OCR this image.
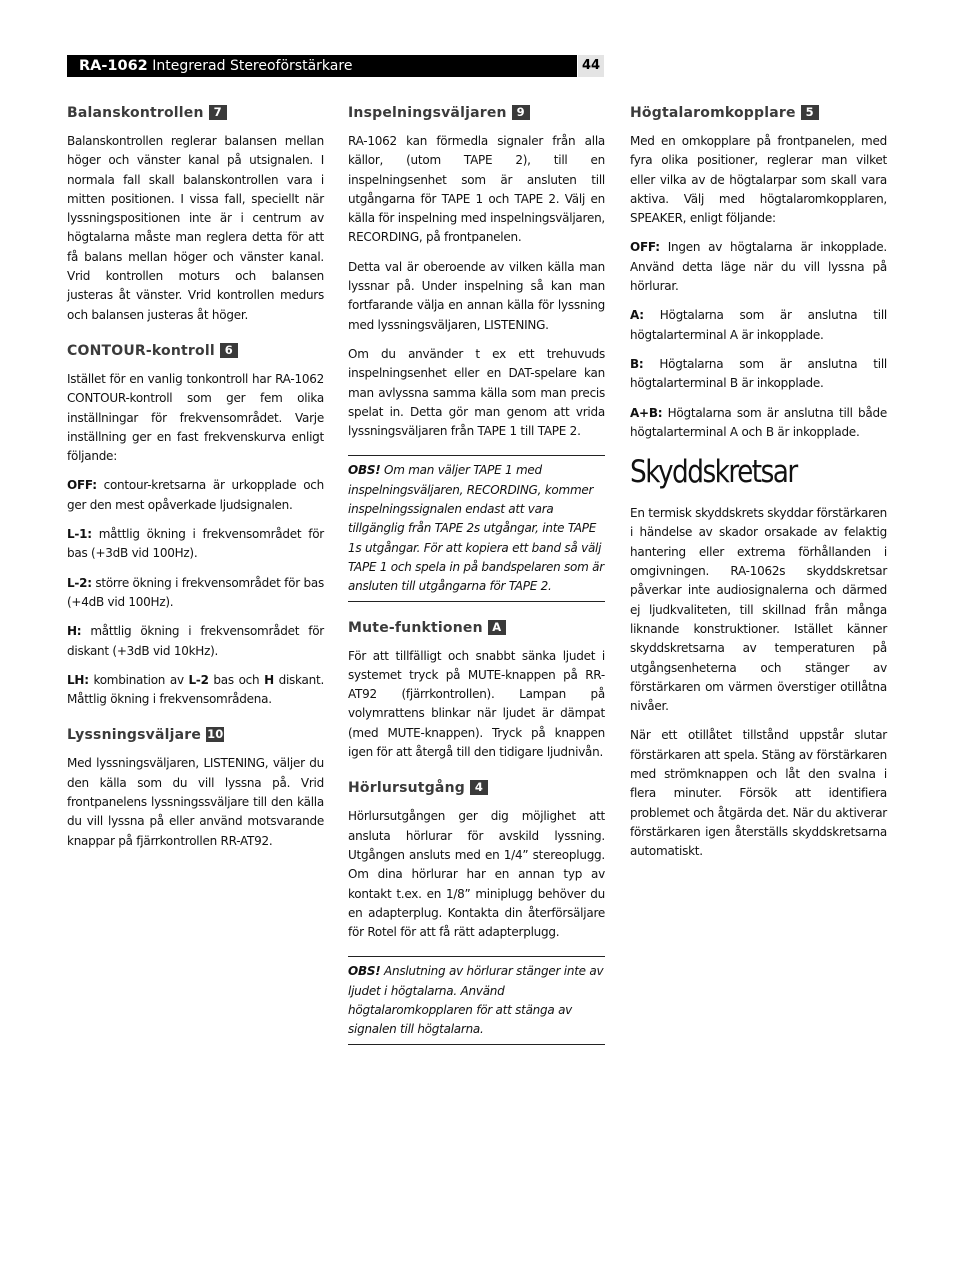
RA-1062 Integrerad Stereoförstärkare	44
Balanskontrollen 7

Balanskontrollen reglerar balansen mellan höger och vänster kanal på utsignalen. I normala fall skall balanskontrollen vara i mitten positionen. I vissa fall, speciellt när lyssningspositionen inte är i centrum av högtalarna måste man reglera detta för att få balans mellan höger och vänster kanal. Vrid kontrollen moturs och balansen justeras åt vänster. Vrid kontrollen medurs och balansen justeras åt höger.

CONTOUR-kontroll 6

Istället för en vanlig tonkontroll har RA-1062 CONTOUR-kontroll som ger fem olika inställningar för frekvensområdet. Varje inställning ger en fast frekvenskurva enligt följande:

OFF: contour-kretsarna är urkopplade och ger den mest opåverkade ljudsignalen.

L-1: måttlig ökning i frekvensområdet för bas (+3dB vid 100Hz).

L-2: större ökning i frekvensområdet för bas (+4dB vid 100Hz).

H: måttlig ökning i frekvensområdet för diskant (+3dB vid 10kHz).

LH: kombination av L-2 bas och H diskant. Måttlig ökning i frekvensområdena.

Lyssningsväljare 10

Med lyssningsväljaren, LISTENING, väljer du den källa som du vill lyssna på. Vrid frontpanelens lyssningssväljare till den källa du vill lyssna på eller använd motsvarande knappar på fjärrkontrollen RR-AT92.

Inspelningsväljaren 9

RA-1062 kan förmedla signaler från alla källor, (utom TAPE 2), till en inspelningsenhet som är ansluten till utgångarna för TAPE 1 och TAPE 2. Välj en källa för inspelning med inspelningsväljaren, RECORDING, på frontpanelen.

Detta val är oberoende av vilken källa man lyssnar på. Under inspelning så kan man fortfarande välja en annan källa för lyssning med lyssningsväljaren, LISTENING.

Om du använder t ex ett trehuvuds inspelningsenhet eller en DAT-spelare kan man avlyssna samma källa som man precis spelat in. Detta gör man genom att vrida lyssningsväljaren från TAPE 1 till TAPE 2.

OBS! Om man väljer TAPE 1 med inspelningsväljaren, RECORDING, kommer inspelningssignalen endast att vara tillgänglig från TAPE 2s utgångar, inte TAPE 1s utgångar. För att kopiera ett band så välj TAPE 1 och spela in på bandspelaren som är ansluten till utgångarna för TAPE 2.

Mute-funktionen A

För att tillfälligt och snabbt sänka ljudet i systemet tryck på MUTE-knappen på RR-AT92 (fjärrkontrollen). Lampan på volymrattens blinkar när ljudet är dämpat (med MUTE-knappen). Tryck på knappen igen för att återgå till den tidigare ljudnivån.

Hörlursutgång 4

Hörlursutgången ger dig möjlighet att ansluta hörlurar för avskild lyssning. Utgången ansluts med en 1/4” stereoplugg. Om dina hörlurar har en annan typ av kontakt t.ex. en 1/8” miniplugg behöver du en adapterplug. Kontakta din återförsäljare för Rotel för att få rätt adapterplugg.

OBS! Anslutning av hörlurar stänger inte av ljudet i högtalarna. Använd högtalaromkopplaren för att stänga av signalen till högtalarna.

Högtalaromkopplare 5

Med en omkopplare på frontpanelen, med fyra olika positioner, reglerar man vilket eller vilka av de högtalarpar som skall vara aktiva. Välj med högtalaromkopplaren, SPEAKER, enligt följande:

OFF: Ingen av högtalarna är inkopplade. Använd detta läge när du vill lyssna på hörlurar.

A: Högtalarna som är anslutna till högtalarterminal A är inkopplade.

B: Högtalarna som är anslutna till högtalarterminal B är inkopplade.

A+B: Högtalarna som är anslutna till både högtalarterminal A och B är inkopplade.

Skyddskretsar

En termisk skyddskrets skyddar förstärkaren i händelse av skador orsakade av felaktig hantering eller extrema förhållanden i omgivningen. RA-1062s skyddskretsar påverkar inte audiosignalerna och därmed ej ljudkvaliteten, till skillnad från många liknande konstruktioner. Istället känner skyddskretsarna av temperaturen på utgångsenheterna och stänger av förstärkaren om värmen överstiger otillåtna nivåer.

När ett otillåtet tillstånd uppstår slutar förstärkaren att spela. Stäng av förstärkaren med strömknappen och låt den svalna i flera minuter. Försök att identifiera problemet och åtgärda det. När du aktiverar förstärkaren igen återställs skyddskretsarna automatiskt.
